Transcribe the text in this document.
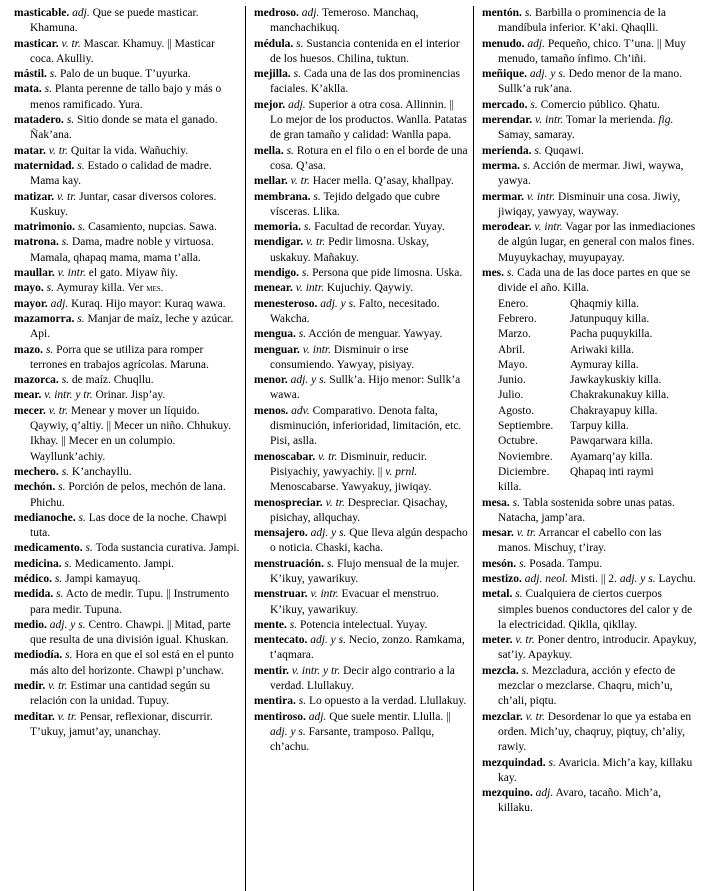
masticable. adj. Que se puede masticar. Khamuna.

masticar. v. tr. Mascar. Khamuy. || Masticar coca. Akulliy.

mástil. s. Palo de un buque. T’uyurka.

mata. s. Planta perenne de tallo bajo y más o menos ramificado. Yura.

matadero. s. Sitio donde se mata el ganado. Ñak’ana.

matar. v. tr. Quitar la vida. Wañuchiy.

maternidad. s. Estado o calidad de madre. Mama kay.

matizar. v. tr. Juntar, casar diversos colores. Kuskuy.

matrimonio. s. Casamiento, nupcias. Sawa.

matrona. s. Dama, madre noble y virtuosa. Mamala, qhapaq mama, mama t’alla.

maullar. v. intr. el gato. Miyaw ñiy.

mayo. s. Aymuray killa. Ver mes.

mayor. adj. Kuraq. Hijo mayor: Kuraq wawa.

mazamorra. s. Manjar de maíz, leche y azúcar. Api.

mazo. s. Porra que se utiliza para romper terrones en trabajos agrícolas. Maruna.

mazorca. s. de maíz. Chuqllu.

mear. v. intr. y tr. Orinar. Jisp’ay.

mecer. v. tr. Menear y mover un líquido. Qaywiy, q’altiy. || Mecer un niño. Chhukuy. Ikhay. || Mecer en un columpio. Wayllunk’achiy.

mechero. s. K’anchayllu.

mechón. s. Porción de pelos, mechón de lana. Phichu.

medianoche. s. Las doce de la noche. Chawpi tuta.

medicamento. s. Toda sustancia curativa. Jampi.

medicina. s. Medicamento. Jampi.

médico. s. Jampi kamayuq.

medida. s. Acto de medir. Tupu. || Instrumento para medir. Tupuna.

medio. adj. y s. Centro. Chawpi. || Mitad, parte que resulta de una división igual. Khuskan.

mediodía. s. Hora en que el sol está en el punto más alto del horizonte. Chawpi p’unchaw.

medir. v. tr. Estimar una cantidad según su relación con la unidad. Tupuy.

meditar. v. tr. Pensar, reflexionar, discurrir. T’ukuy, jamut’ay, unanchay.

medroso. adj. Temeroso. Manchaq, manchachikuq.

médula. s. Sustancia contenida en el interior de los huesos. Chilina, tuktun.

mejilla. s. Cada una de las dos prominencias faciales. K’aklla.

mejor. adj. Superior a otra cosa. Allinnin. || Lo mejor de los productos. Wanlla. Patatas de gran tamaño y calidad: Wanlla papa.

mella. s. Rotura en el filo o en el borde de una cosa. Q’asa.

mellar. v. tr. Hacer mella. Q’asay, khallpay.

membrana. s. Tejido delgado que cubre vísceras. Llika.

memoria. s. Facultad de recordar. Yuyay.

mendigar. v. tr. Pedir limosna. Uskay, uskakuy. Mañakuy.

mendigo. s. Persona que pide limosna. Uska.

menear. v. intr. Kujuchiy. Qaywiy.

menesteroso. adj. y s. Falto, necesitado. Wakcha.

mengua. s. Acción de menguar. Yawyay.

menguar. v. intr. Disminuir o irse consumiendo. Yawyay, pisiyay.

menor. adj. y s. Sullk’a. Hijo menor: Sullk’a wawa.

menos. adv. Comparativo. Denota falta, disminución, inferioridad, limitación, etc. Pisi, aslla.

menoscabar. v. tr. Disminuir, reducir. Pisiyachiy, yawyachiy. || v. prnl. Menoscabarse. Yawyakuy, jiwiqay.

menospreciar. v. tr. Despreciar. Qisachay, pisichay, allquchay.

mensajero. adj. y s. Que lleva algún despacho o noticia. Chaski, kacha.

menstruación. s. Flujo mensual de la mujer. K’ikuy, yawarikuy.

menstruar. v. intr. Evacuar el menstruo. K’ikuy, yawarikuy.

mente. s. Potencia intelectual. Yuyay.

mentecato. adj. y s. Necio, zonzo. Ramkama, t’aqmara.

mentir. v. intr. y tr. Decir algo contrario a la verdad. Llullakuy.

mentira. s. Lo opuesto a la verdad. Llullakuy.

mentiroso. adj. Que suele mentir. Llulla. || adj. y s. Farsante, tramposo. Pallqu, ch’achu.

mentón. s. Barbilla o prominencia de la mandíbula inferior. K’aki. Qhaqlli.

menudo. adj. Pequeño, chico. T’una. || Muy menudo, tamaño ínfimo. Ch’iñi.

meñique. adj. y s. Dedo menor de la mano. Sullk’a ruk’ana.

mercado. s. Comercio público. Qhatu.

merendar. v. intr. Tomar la merienda. fig. Samay, samaray.

merienda. s. Quqawi.

merma. s. Acción de mermar. Jiwi, waywa, yawya.

mermar. v. intr. Disminuir una cosa. Jiwiy, jiwiqay, yawyay, wayway.

merodear. v. intr. Vagar por las inmediaciones de algún lugar, en general con malos fines. Muyuykachay, muyupayay.

mes. s. Cada una de las doce partes en que se divide el año. Killa.

Enero.	Qhaqmiy killa.
Febrero.	Jatunpuquy killa.
Marzo.	Pacha puquykilla.
Abril.	Ariwaki killa.
Mayo.	Aymuray killa.
Junio.	Jawkaykuskiy killa.
Julio.	Chakrakunakuy killa.
Agosto.	Chakrayapuy killa.
Septiembre.	Tarpuy killa.
Octubre.	Pawqarwara killa.
Noviembre.	Ayamarq’ay killa.
Diciembre.	Qhapaq inti raymi
killa.

mesa. s. Tabla sostenida sobre unas patas. Natacha, jamp’ara.

mesar. v. tr. Arrancar el cabello con las manos. Mischuy, t’iray.

mesón. s. Posada. Tampu.

mestizo. adj. neol. Misti. || 2. adj. y s. Laychu.

metal. s. Cualquiera de ciertos cuerpos simples buenos conductores del calor y de la electricidad. Qiklla, qikllay.

meter. v. tr. Poner dentro, introducir. Apaykuy, sat’iy. Apaykuy.

mezcla. s. Mezcladura, acción y efecto de mezclar o mezclarse. Chaqru, mich’u, ch’ali, piqtu.

mezclar. v. tr. Desordenar lo que ya estaba en orden. Mich’uy, chaqruy, piqtuy, ch’aliy, rawiy.

mezquindad. s. Avaricia. Mich’a kay, killaku kay.

mezquino. adj. Avaro, tacaño. Mich’a, killaku.
